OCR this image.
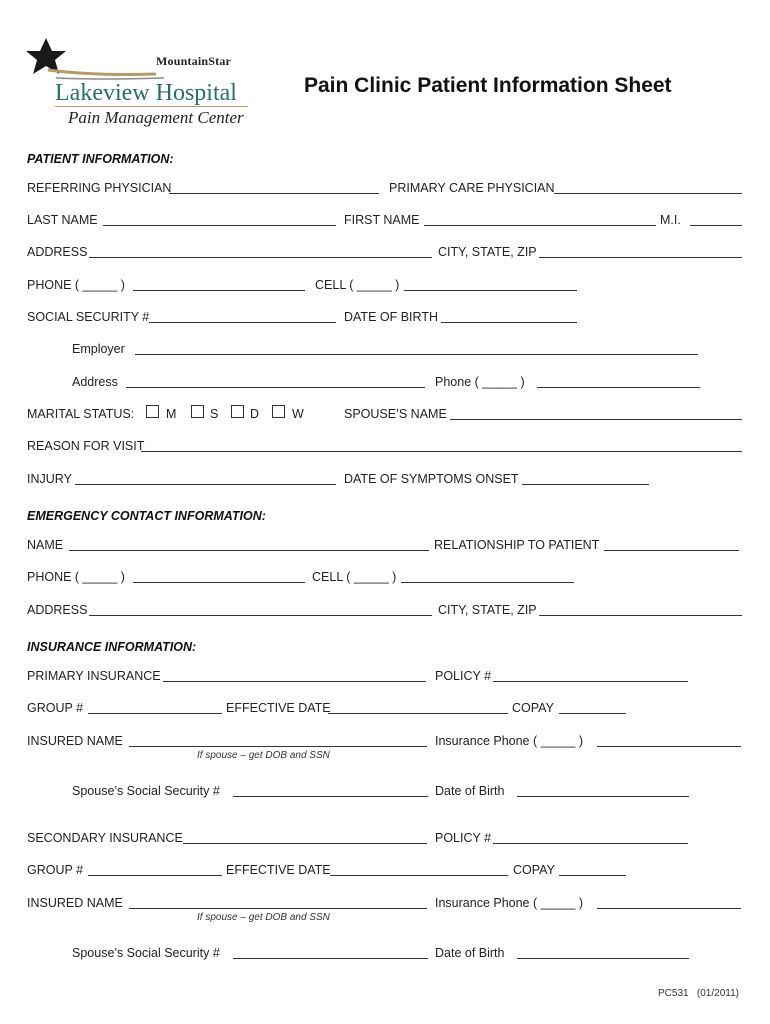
MountainStar
Lakeview Hospital
Pain Management Center
Pain Clinic Patient Information Sheet
PATIENT INFORMATION:
REFERRING PHYSICIAN	PRIMARY CARE PHYSICIAN
LAST NAME	FIRST NAME	M.I.
ADDRESS	CITY, STATE, ZIP
PHONE ( _____ )	CELL ( _____ )
SOCIAL SECURITY #	DATE OF BIRTH
Employer
Address	Phone ( _____ )
MARITAL STATUS:	M	S	D	W	SPOUSE’S NAME
REASON FOR VISIT
INJURY	DATE OF SYMPTOMS ONSET
EMERGENCY CONTACT INFORMATION:
NAME	RELATIONSHIP TO PATIENT
PHONE ( _____ )	CELL ( _____ )
ADDRESS	CITY, STATE, ZIP
INSURANCE INFORMATION:
PRIMARY INSURANCE	POLICY #
GROUP #	EFFECTIVE DATE	COPAY
INSURED NAME	Insurance Phone ( _____ )
If spouse – get DOB and SSN
Spouse’s Social Security #	Date of Birth
SECONDARY INSURANCE	POLICY #
GROUP #	EFFECTIVE DATE	COPAY
INSURED NAME	Insurance Phone ( _____ )
If spouse – get DOB and SSN
Spouse’s Social Security #	Date of Birth
PC531   (01/2011)
